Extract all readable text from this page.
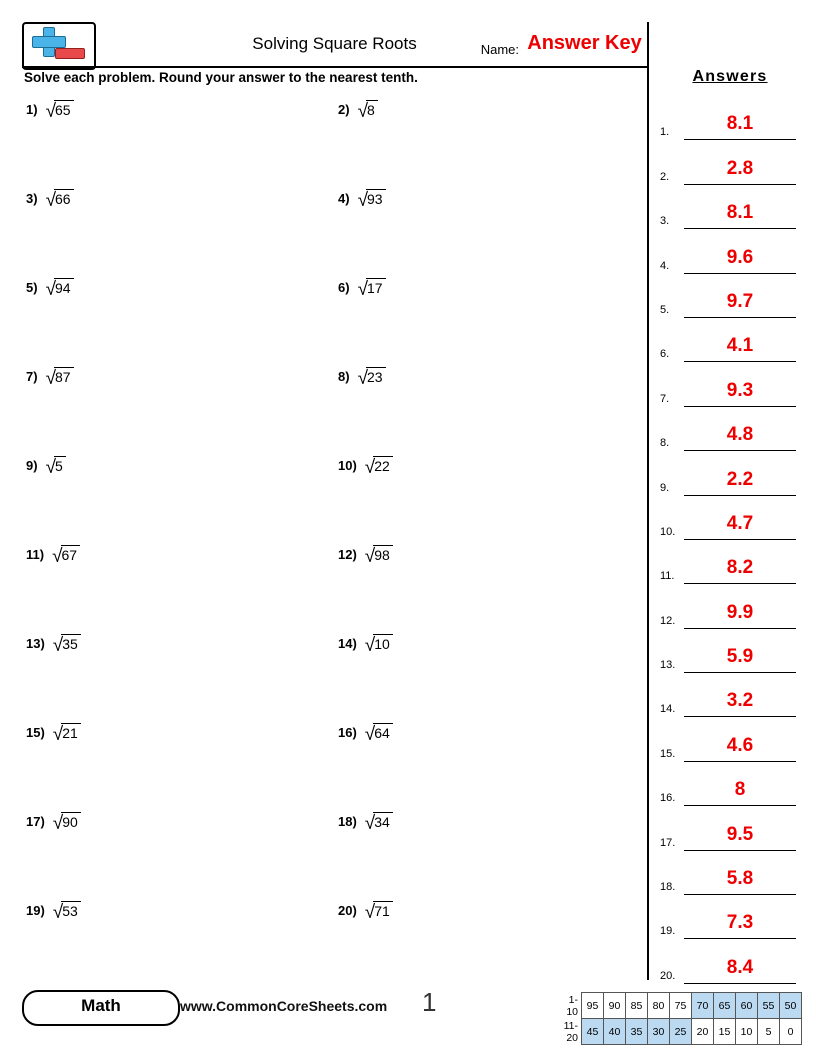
Solving Square Roots	Name: Answer Key
Solve each problem. Round your answer to the nearest tenth.
1) √65	2) √8
3) √66	4) √93
5) √94	6) √17
7) √87	8) √23
9) √5	10) √22
11) √67	12) √98
13) √35	14) √10
15) √21	16) √64
17) √90	18) √34
19) √53	20) √71
Answers
1.	8.1
2.	2.8
3.	8.1
4.	9.6
5.	9.7
6.	4.1
7.	9.3
8.	4.8
9.	2.2
10.	4.7
11.	8.2
12.	9.9
13.	5.9
14.	3.2
15.	4.6
16.	8
17.	9.5
18.	5.8
19.	7.3
20.	8.4
Math	www.CommonCoreSheets.com 1	1-10	95	90	85	80	75	70	65	60	55	50
11-20	45	40	35	30	25	20	15	10	5	0
